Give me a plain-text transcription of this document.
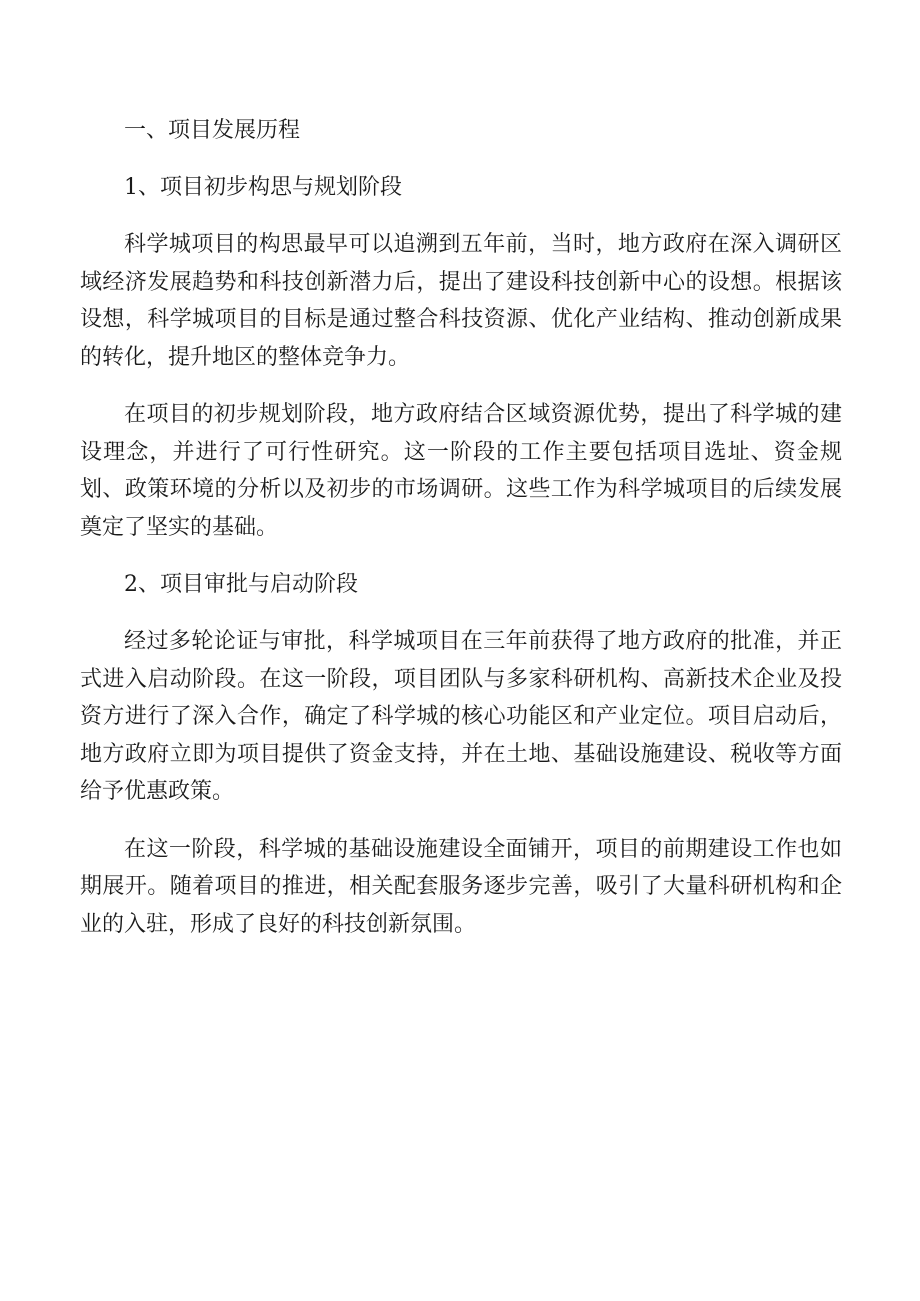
一、项目发展历程

1、项目初步构思与规划阶段

科学城项目的构思最早可以追溯到五年前，当时，地方政府在深入调研区域经济发展趋势和科技创新潜力后，提出了建设科技创新中心的设想。根据该设想，科学城项目的目标是通过整合科技资源、优化产业结构、推动创新成果的转化，提升地区的整体竞争力。

在项目的初步规划阶段，地方政府结合区域资源优势，提出了科学城的建设理念，并进行了可行性研究。这一阶段的工作主要包括项目选址、资金规划、政策环境的分析以及初步的市场调研。这些工作为科学城项目的后续发展奠定了坚实的基础。

2、项目审批与启动阶段

经过多轮论证与审批，科学城项目在三年前获得了地方政府的批准，并正式进入启动阶段。在这一阶段，项目团队与多家科研机构、高新技术企业及投资方进行了深入合作，确定了科学城的核心功能区和产业定位。项目启动后，地方政府立即为项目提供了资金支持，并在土地、基础设施建设、税收等方面给予优惠政策。

在这一阶段，科学城的基础设施建设全面铺开，项目的前期建设工作也如期展开。随着项目的推进，相关配套服务逐步完善，吸引了大量科研机构和企业的入驻，形成了良好的科技创新氛围。
